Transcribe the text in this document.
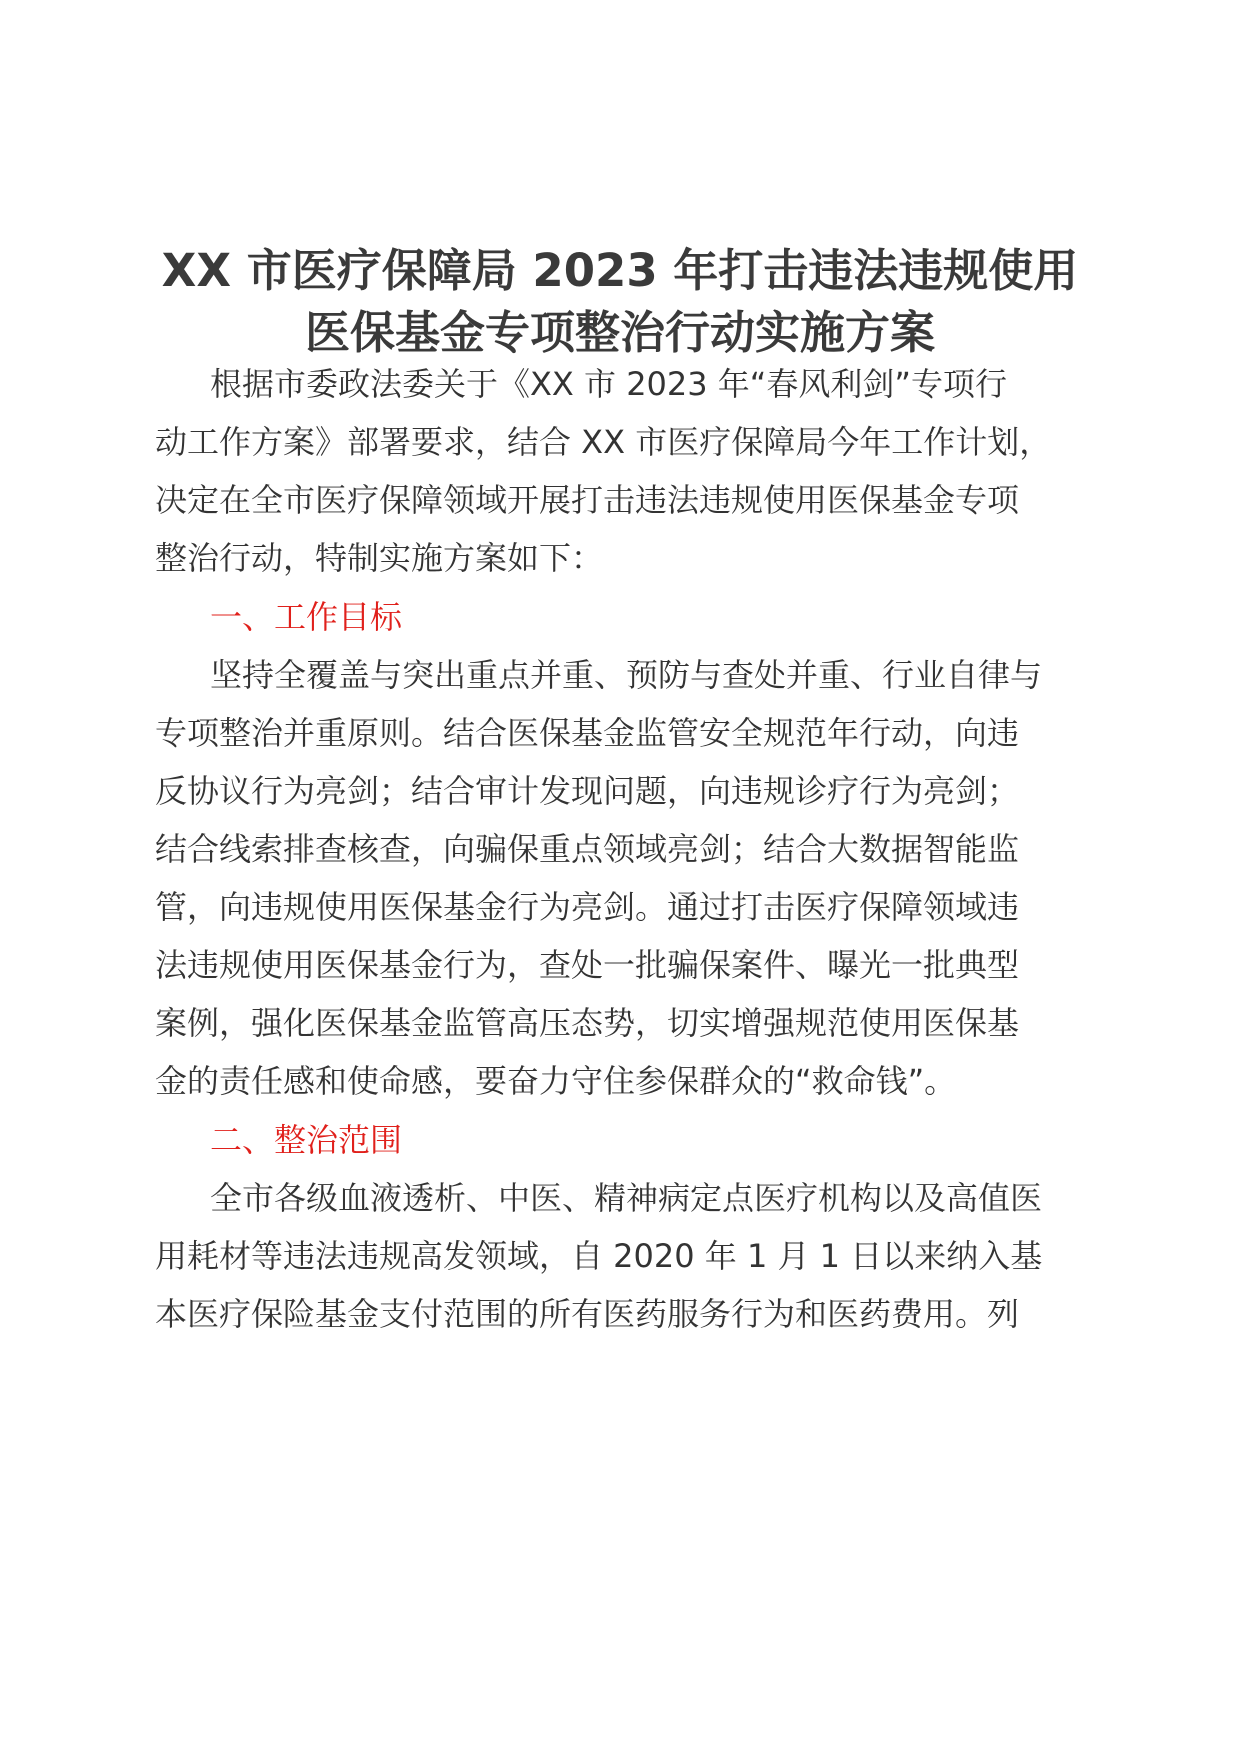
XX 市医疗保障局 2023 年打击违法违规使用
医保基金专项整治行动实施方案
根据市委政法委关于《XX 市 2023 年“春风利剑”专项行
动工作方案》部署要求，结合 XX 市医疗保障局今年工作计划，
决定在全市医疗保障领域开展打击违法违规使用医保基金专项
整治行动，特制实施方案如下：
一、工作目标
坚持全覆盖与突出重点并重、预防与查处并重、行业自律与
专项整治并重原则。结合医保基金监管安全规范年行动，向违
反协议行为亮剑；结合审计发现问题，向违规诊疗行为亮剑；
结合线索排查核查，向骗保重点领域亮剑；结合大数据智能监
管，向违规使用医保基金行为亮剑。通过打击医疗保障领域违
法违规使用医保基金行为，查处一批骗保案件、曝光一批典型
案例，强化医保基金监管高压态势，切实增强规范使用医保基
金的责任感和使命感，要奋力守住参保群众的“救命钱”。
二、整治范围
全市各级血液透析、中医、精神病定点医疗机构以及高值医
用耗材等违法违规高发领域，自 2020 年 1 月 1 日以来纳入基
本医疗保险基金支付范围的所有医药服务行为和医药费用。列
